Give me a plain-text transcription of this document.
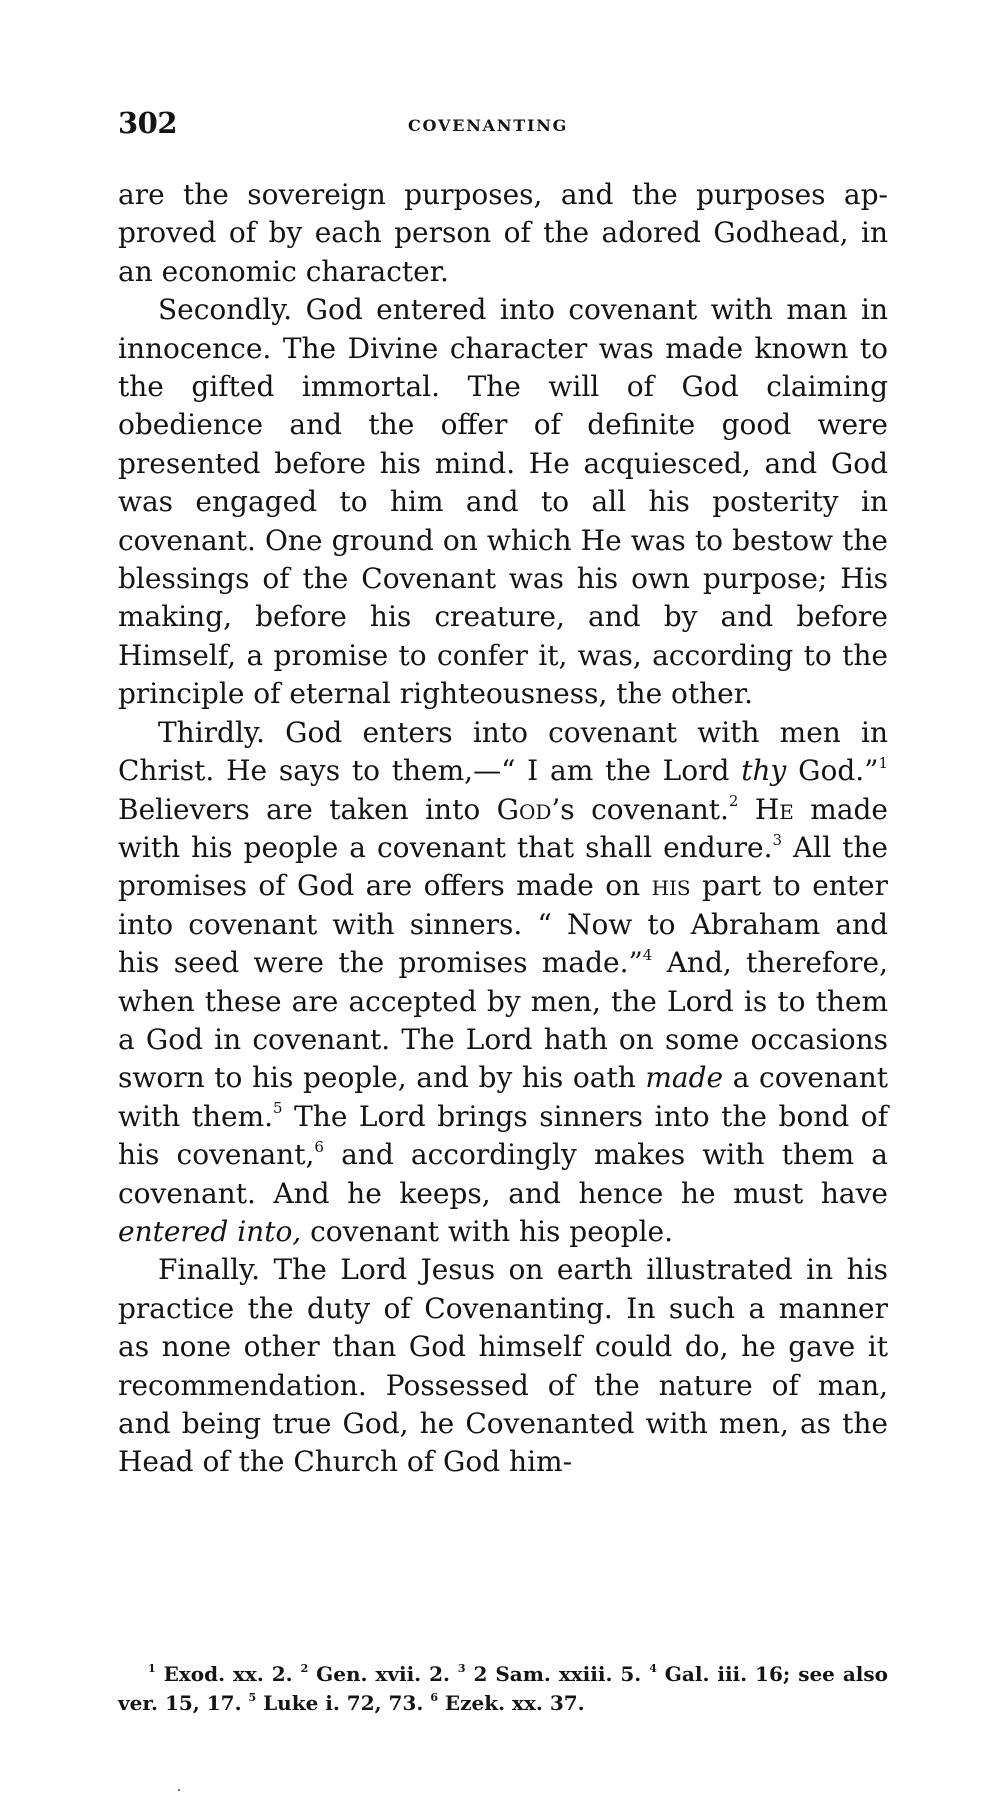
302	COVENANTING

are the sovereign purposes, and the purposes approved of by each person of the adored Godhead, in an economic character.

Secondly. God entered into covenant with man in innocence. The Divine character was made known to the gifted immortal. The will of God claiming obedience and the offer of definite good were presented before his mind. He acquiesced, and God was engaged to him and to all his posterity in covenant. One ground on which He was to bestow the blessings of the Covenant was his own purpose; His making, before his creature, and by and before Himself, a promise to confer it, was, according to the principle of eternal righteousness, the other.

Thirdly. God enters into covenant with men in Christ. He says to them,—“ I am the Lord thy God.”$^1$ Believers are taken into God’s covenant.$^2$ He made with his people a covenant that shall endure.$^3$ All the promises of God are offers made on his part to enter into covenant with sinners. “ Now to Abraham and his seed were the promises made.”$^4$ And, therefore, when these are accepted by men, the Lord is to them a God in covenant. The Lord hath on some occasions sworn to his people, and by his oath made a covenant with them.$^5$ The Lord brings sinners into the bond of his covenant,$^6$ and accordingly makes with them a covenant. And he keeps, and hence he must have entered into, covenant with his people.

Finally. The Lord Jesus on earth illustrated in his practice the duty of Covenanting. In such a manner as none other than God himself could do, he gave it recommendation. Possessed of the nature of man, and being true God, he Covenanted with men, as the Head of the Church of God him-

$^1$ Exod. xx. 2. $^2$ Gen. xvii. 2. $^3$ 2 Sam. xxiii. 5. $^4$ Gal. iii. 16; see also ver. 15, 17. $^5$ Luke i. 72, 73. $^6$ Ezek. xx. 37.
